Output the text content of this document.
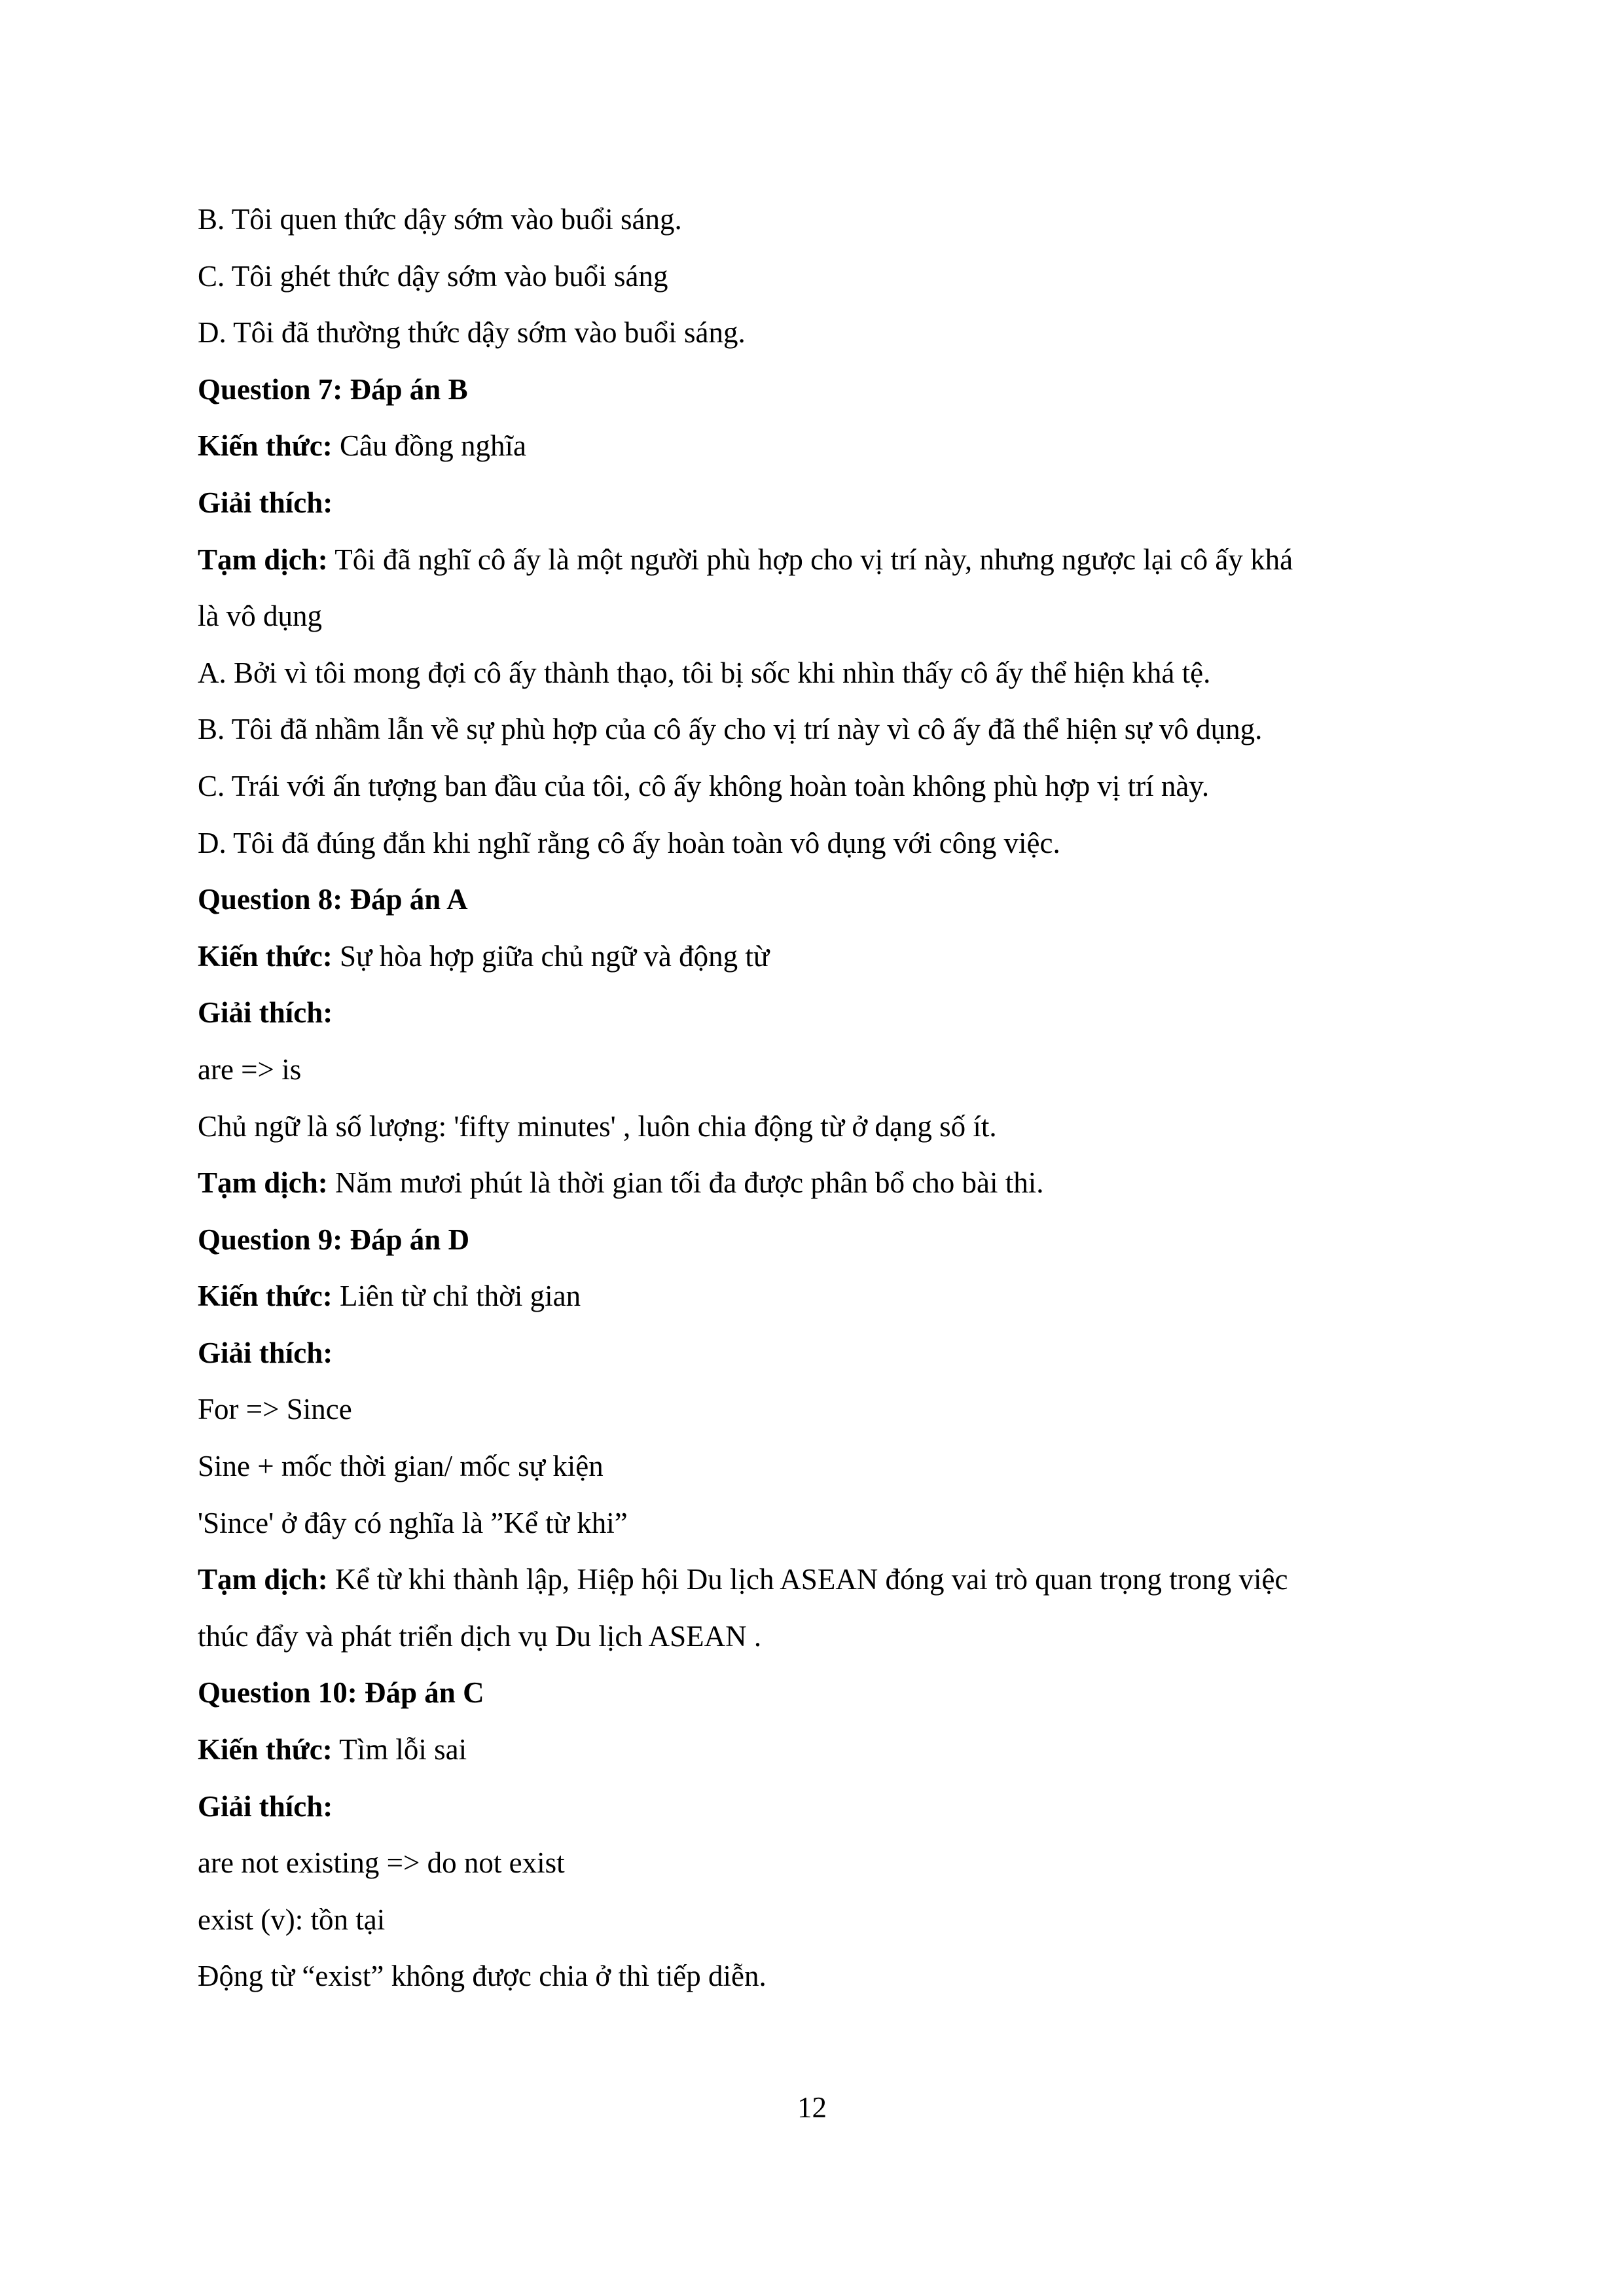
B. Tôi quen thức dậy sớm vào buổi sáng.
C. Tôi ghét thức dậy sớm vào buổi sáng
D. Tôi đã thường thức dậy sớm vào buổi sáng.
Question 7: Đáp án B
Kiến thức: Câu đồng nghĩa
Giải thích:
Tạm dịch: Tôi đã nghĩ cô ấy là một người phù hợp cho vị trí này, nhưng ngược lại cô ấy khá
là vô dụng
A. Bởi vì tôi mong đợi cô ấy thành thạo, tôi bị sốc khi nhìn thấy cô ấy thể hiện khá tệ.
B. Tôi đã nhầm lẫn về sự phù hợp của cô ấy cho vị trí này vì cô ấy đã thể hiện sự vô dụng.
C. Trái với ấn tượng ban đầu của tôi, cô ấy không hoàn toàn không phù hợp vị trí này.
D. Tôi đã đúng đắn khi nghĩ rằng cô ấy hoàn toàn vô dụng với công việc.
Question 8: Đáp án A
Kiến thức: Sự hòa hợp giữa chủ ngữ và động từ
Giải thích:
are => is
Chủ ngữ là số lượng: 'fifty minutes' , luôn chia động từ ở dạng số ít.
Tạm dịch: Năm mươi phút là thời gian tối đa được phân bổ cho bài thi.
Question 9: Đáp án D
Kiến thức: Liên từ chỉ thời gian
Giải thích:
For => Since
Sine + mốc thời gian/ mốc sự kiện
'Since' ở đây có nghĩa là ”Kể từ khi”
Tạm dịch: Kể từ khi thành lập, Hiệp hội Du lịch ASEAN đóng vai trò quan trọng trong việc
thúc đẩy và phát triển dịch vụ Du lịch ASEAN .
Question 10: Đáp án C
Kiến thức: Tìm lỗi sai
Giải thích:
are not existing => do not exist
exist (v): tồn tại
Động từ “exist” không được chia ở thì tiếp diễn.
12
